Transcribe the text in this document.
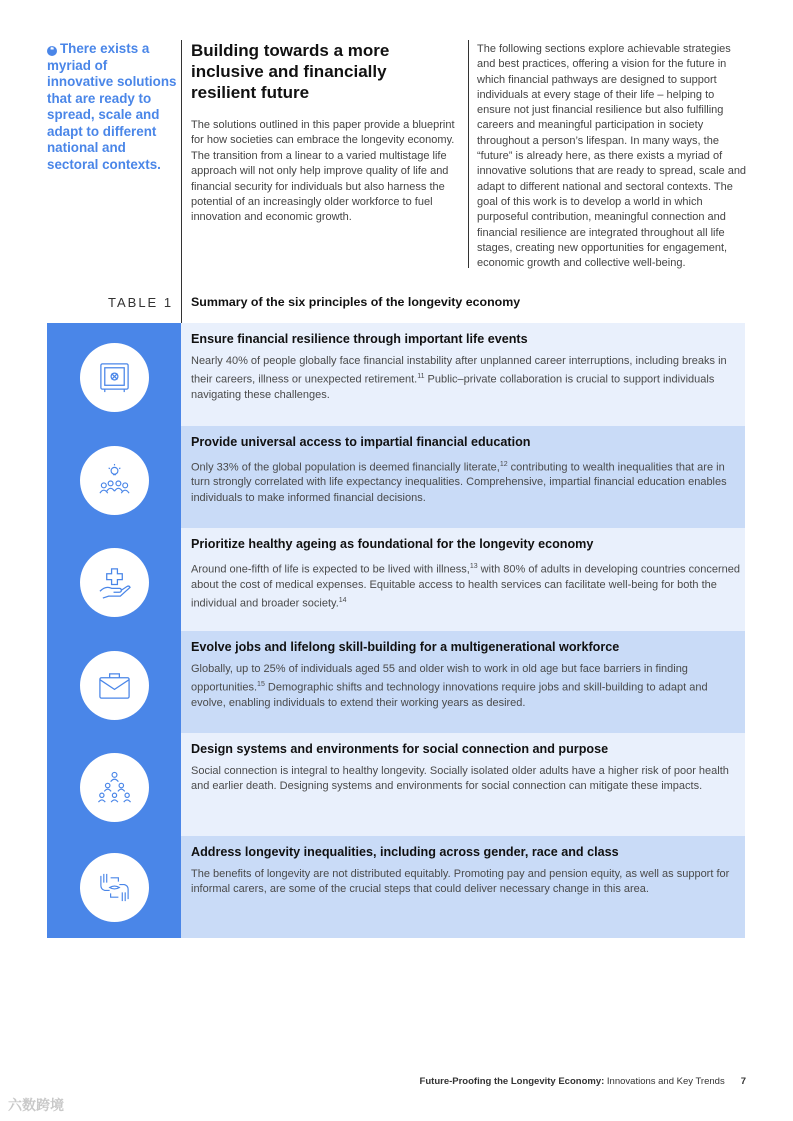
❝ There exists a myriad of innovative solutions that are ready to spread, scale and adapt to different national and sectoral contexts.
Building towards a more inclusive and financially resilient future

The solutions outlined in this paper provide a blueprint for how societies can embrace the longevity economy. The transition from a linear to a varied multistage life approach will not only help improve quality of life and financial security for individuals but also harness the potential of an increasingly older workforce to fuel innovation and economic growth.

The following sections explore achievable strategies and best practices, offering a vision for the future in which financial pathways are designed to support individuals at every stage of their life – helping to ensure not just financial resilience but also fulfilling careers and meaningful participation in society throughout a person’s lifespan. In many ways, the “future” is already here, as there exists a myriad of innovative solutions that are ready to spread, scale and adapt to different national and sectoral contexts. The goal of this work is to develop a world in which purposeful contribution, meaningful connection and financial resilience are integrated throughout all life stages, creating new opportunities for engagement, economic growth and collective well-being.

TABLE 1 Summary of the six principles of the longevity economy
Ensure financial resilience through important life events

Nearly 40% of people globally face financial instability after unplanned career interruptions, including breaks in their careers, illness or unexpected retirement.$^{11}$ Public–private collaboration is crucial to support individuals navigating these challenges.

Provide universal access to impartial financial education

Only 33% of the global population is deemed financially literate,$^{12}$ contributing to wealth inequalities that are in turn strongly correlated with life expectancy inequalities. Comprehensive, impartial financial education enables individuals to make informed financial decisions.

Prioritize healthy ageing as foundational for the longevity economy

Around one-fifth of life is expected to be lived with illness,$^{13}$ with 80% of adults in developing countries concerned about the cost of medical expenses. Equitable access to health services can facilitate well-being for both the individual and broader society.$^{14}$

Evolve jobs and lifelong skill-building for a multigenerational workforce

Globally, up to 25% of individuals aged 55 and older wish to work in old age but face barriers in finding opportunities.$^{15}$ Demographic shifts and technology innovations require jobs and skill-building to adapt and evolve, enabling individuals to extend their working years as desired.

Design systems and environments for social connection and purpose

Social connection is integral to healthy longevity. Socially isolated older adults have a higher risk of poor health and earlier death. Designing systems and environments for social connection can mitigate these impacts.

Address longevity inequalities, including across gender, race and class

The benefits of longevity are not distributed equitably. Promoting pay and pension equity, as well as support for informal carers, are some of the crucial steps that could deliver necessary change in this area.

Future-Proofing the Longevity Economy: Innovations and Key Trends 7
六数跨境
